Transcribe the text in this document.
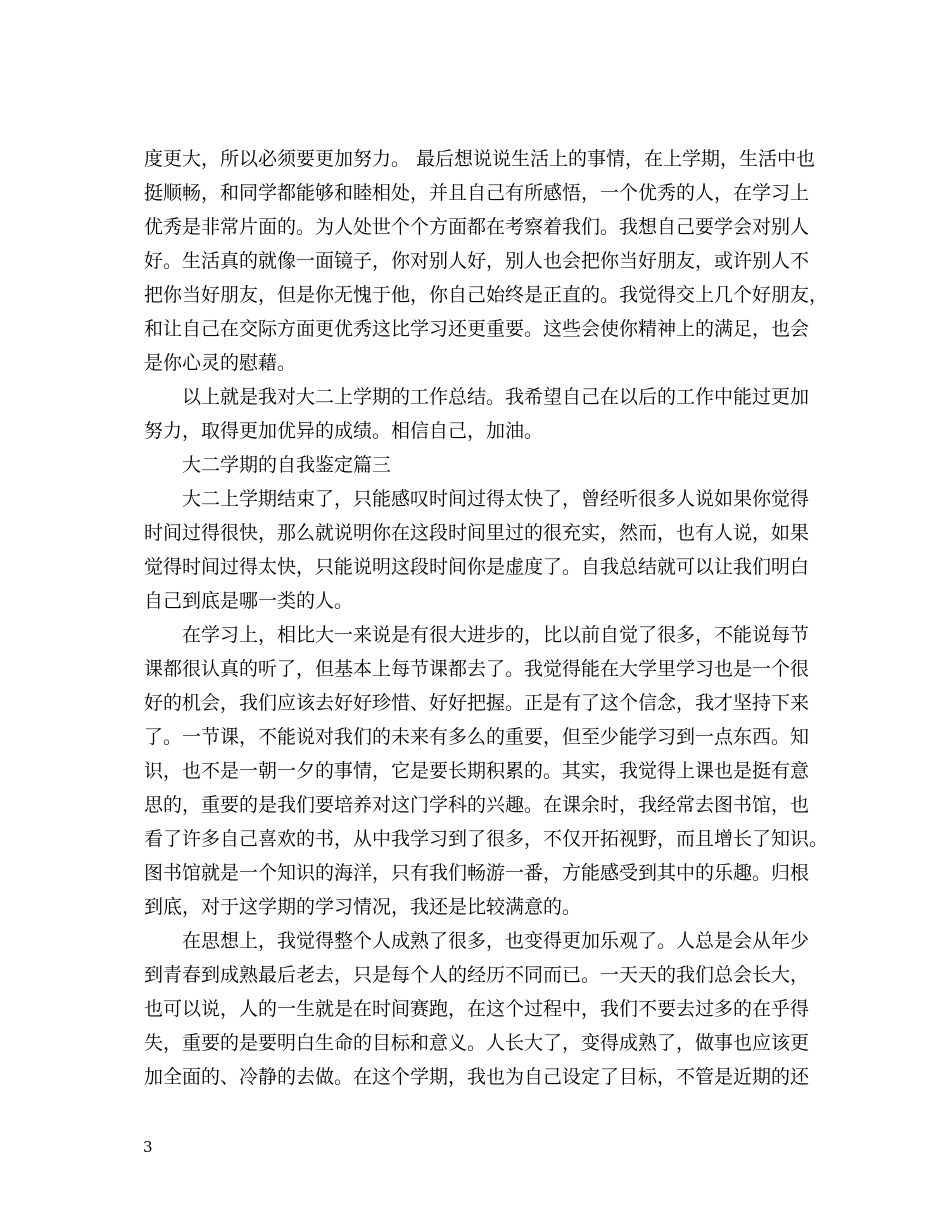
度更大，所以必须要更加努力。 最后想说说生活上的事情，在上学期，生活中也
挺顺畅，和同学都能够和睦相处，并且自己有所感悟，一个优秀的人，在学习上
优秀是非常片面的。为人处世个个方面都在考察着我们。我想自己要学会对别人
好。生活真的就像一面镜子，你对别人好，别人也会把你当好朋友，或许别人不
把你当好朋友，但是你无愧于他，你自己始终是正直的。我觉得交上几个好朋友，
和让自己在交际方面更优秀这比学习还更重要。这些会使你精神上的满足，也会
是你心灵的慰藉。
以上就是我对大二上学期的工作总结。我希望自己在以后的工作中能过更加
努力，取得更加优异的成绩。相信自己，加油。
大二学期的自我鉴定篇三
大二上学期结束了，只能感叹时间过得太快了，曾经听很多人说如果你觉得
时间过得很快，那么就说明你在这段时间里过的很充实，然而，也有人说，如果
觉得时间过得太快，只能说明这段时间你是虚度了。自我总结就可以让我们明白
自己到底是哪一类的人。
在学习上，相比大一来说是有很大进步的，比以前自觉了很多，不能说每节
课都很认真的听了，但基本上每节课都去了。我觉得能在大学里学习也是一个很
好的机会，我们应该去好好珍惜、好好把握。正是有了这个信念，我才坚持下来
了。一节课，不能说对我们的未来有多么的重要，但至少能学习到一点东西。知
识，也不是一朝一夕的事情，它是要长期积累的。其实，我觉得上课也是挺有意
思的，重要的是我们要培养对这门学科的兴趣。在课余时，我经常去图书馆，也
看了许多自己喜欢的书，从中我学习到了很多，不仅开拓视野，而且增长了知识。
图书馆就是一个知识的海洋，只有我们畅游一番，方能感受到其中的乐趣。归根
到底，对于这学期的学习情况，我还是比较满意的。
在思想上，我觉得整个人成熟了很多，也变得更加乐观了。人总是会从年少
到青春到成熟最后老去，只是每个人的经历不同而已。一天天的我们总会长大，
也可以说，人的一生就是在时间赛跑，在这个过程中，我们不要去过多的在乎得
失，重要的是要明白生命的目标和意义。人长大了，变得成熟了，做事也应该更
加全面的、冷静的去做。在这个学期，我也为自己设定了目标，不管是近期的还
3
